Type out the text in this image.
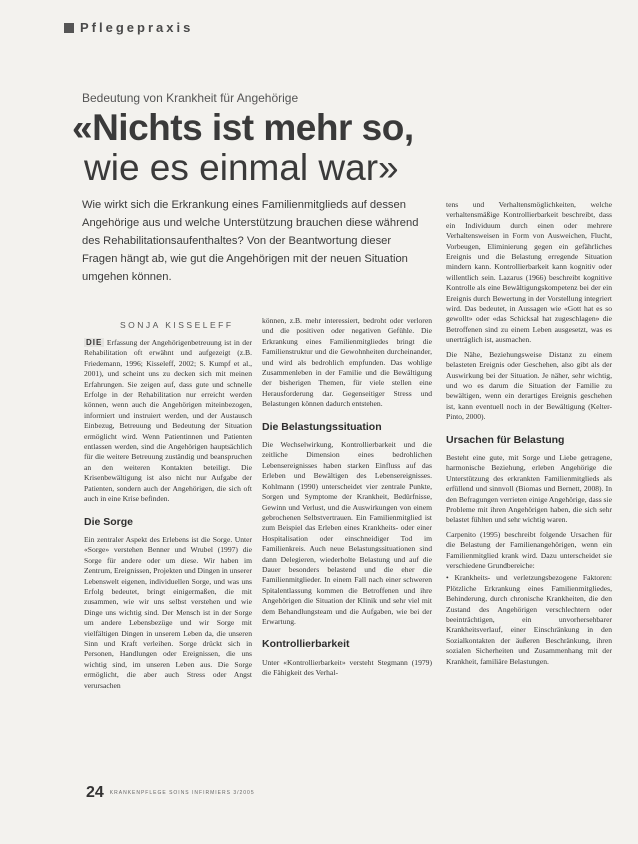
Pflegepraxis
Bedeutung von Krankheit für Angehörige
«Nichts ist mehr so,
wie es einmal war»
Wie wirkt sich die Erkrankung eines Familienmitglieds auf dessen Angehörige aus und welche Unterstützung brauchen diese während des Rehabilitationsaufenthaltes? Von der Beantwortung dieser Fragen hängt ab, wie gut die Angehörigen mit der neuen Situation umgehen können.
SONJA KISSELEFF

DIE Erfassung der Angehörigenbetreuung ist in der Rehabilitation oft erwähnt und aufgezeigt (z.B. Friedemann, 1996; Kisseleff, 2002; S. Kumpf et al., 2001), und scheint uns zu decken sich mit meinen Erfahrungen. Sie zeigen auf, dass gute und schnelle Erfolge in der Rehabilitation nur erreicht werden können, wenn auch die Angehörigen miteinbezogen, informiert und instruiert werden, und der Austausch Einbezug, Betreuung und Bedeutung der Situation ermöglicht wird. Wenn Patientinnen und Patienten entlassen werden, sind die Angehörigen hauptsächlich für die weitere Betreuung zuständig und beanspruchen an den weiteren Kontakten beteiligt. Die Krisenbewältigung ist also nicht nur Aufgabe der Patienten, sondern auch der Angehörigen, die sich oft auch in eine Krise befinden.

Die Sorge

Ein zentraler Aspekt des Erlebens ist die Sorge. Unter «Sorge» verstehen Benner und Wrubel (1997) die Sorge für andere oder um diese. Wir haben im Zentrum, Ereignissen, Projekten und Dingen in unserer Lebenswelt eigenen, individuellen Sorge, und was uns Erfolg bedeutet, bringt einigermaßen, die mit zusammen, wie wir uns selbst verstehen und wie Dinge uns wichtig sind. Der Mensch ist in der Sorge um andere Lebensbezüge und wir Sorge mit vielfältigen Dingen in unserem Leben da, die unseren Sinn und Kraft verleihen. Sorge drückt sich in Personen, Handlungen oder Ereignissen, die uns wichtig sind, im unseren Leben aus. Die Sorge ermöglicht, die aber auch Stress oder Angst verursachen

können, z.B. mehr interessiert, bedroht oder verloren und die positiven oder negativen Gefühle. Die Erkrankung eines Familienmitgliedes bringt die Familienstruktur und die Gewohnheiten durcheinander, und wird als bedrohlich empfunden. Das wohlige Zusammenleben in der Familie und die Bewältigung der bisherigen Themen, für viele stellen eine Herausforderung dar. Gegenseitiger Stress und Belastungen können dadurch entstehen.

Die Belastungssituation

Die Wechselwirkung, Kontrollierbarkeit und die zeitliche Dimension eines bedrohlichen Lebensereignisses haben starken Einfluss auf das Erleben und Bewältigen des Lebensereignisses. Kohlmann (1990) unterscheidet vier zentrale Punkte, Sorgen und Symptome der Krankheit, Bedürfnisse, Gewinn und Verlust, und die Auswirkungen von einem gebrochenen Selbstvertrauen. Ein Familienmitglied ist zum Beispiel das Erleben eines Krankheits- oder einer Hospitalisation oder einschneidiger Tod im Familienkreis. Auch neue Belastungssituationen sind dann Delegieren, wiederholte Belastung und auf die Dauer besonders belastend und die eher die Familienmitglieder. In einem Fall nach einer schweren Spitalentlassung kommen die Betroffenen und ihre Angehörigen die Situation der Klinik und sehr viel mit dem Behandlungsteam und die Aufgaben, wie bei der Erwartung.

Kontrollierbarkeit

Unter «Kontrollierbarkeit» versteht Stegmann (1979) die Fähigkeit des Verhal-

tens und Verhaltensmöglichkeiten, welche verhaltensmäßige Kontrollierbarkeit beschreibt, dass ein Individuum durch einen oder mehrere Verhaltensweisen in Form von Ausweichen, Flucht, Vorbeugen, Eliminierung gegen ein gefährliches Ereignis und die Belastung erregende Situation mindern kann. Kontrollierbarkeit kann kognitiv oder willentlich sein. Lazarus (1966) beschreibt kognitive Kontrolle als eine Bewältigungskompetenz bei der ein Ereignis durch Bewertung in der Vorstellung integriert wird. Das bedeutet, in Aussagen wie «Gott hat es so gewollt» oder «das Schicksal hat zugeschlagen» die Betroffenen sind zu einem Leben ausgesetzt, was es unerträglich ist, ausmachen.

Die Nähe, Beziehungsweise Distanz zu einem belasteten Ereignis oder Geschehen, also gibt als der Auswirkung bei der Situation. Je näher, sehr wichtig, und wo es darum die Situation der Familie zu bewältigen, wenn ein derartiges Ereignis geschehen ist, kann eventuell noch in der Bewältigung (Kelter-Pinto, 2000).

Ursachen für Belastung

Besteht eine gute, mit Sorge und Liebe getragene, harmonische Beziehung, erleben Angehörige die Unterstützung des erkrankten Familienmitglieds als erfüllend und sinnvoll (Biomas und Bernett, 2008). In den Befragungen verrieten einige Angehörige, dass sie Probleme mit ihren Angehörigen haben, die sich sehr belastet fühlten und sehr wichtig waren.

Carpenito (1995) beschreibt folgende Ursachen für die Belastung der Familienangehörigen, wenn ein Familienmitglied krank wird. Dazu unterscheidet sie verschiedene Grundbereiche:

• Krankheits- und verletzungsbezogene Faktoren: Plötzliche Erkrankung eines Familienmitgliedes, Behinderung, durch chronische Krankheiten, die den Zustand des Angehörigen verschlechtern oder beeinträchtigen, ein unvorhersehbarer Krankheitsverlauf, einer Einschränkung in den Sozialkontakten der äußeren Beschränkung, ihren sozialen Sicherheiten und Zusammenhang mit der Krankheit, familiäre Belastungen.

24 KRANKENPFLEGE SOINS INFIRMIERS 3/2005
